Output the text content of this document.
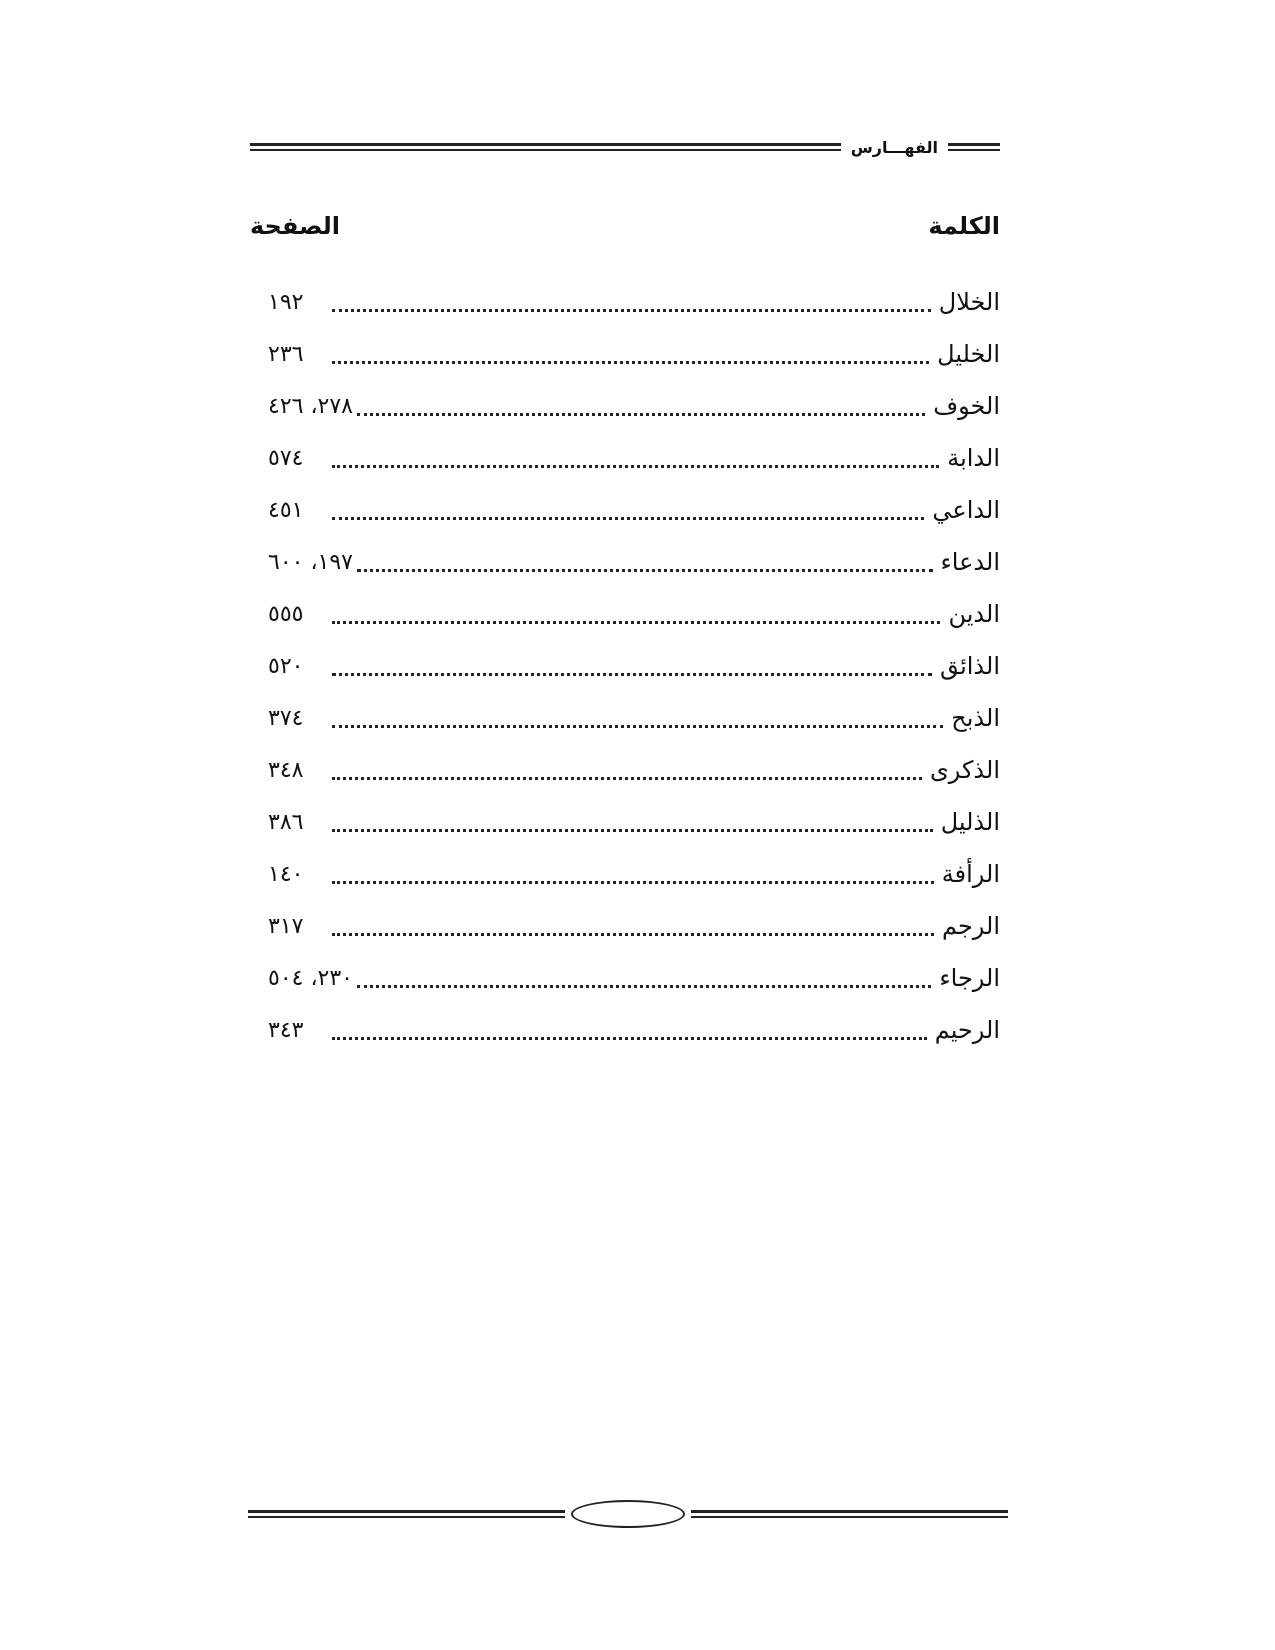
الفهـــارس
الكلمة
الصفحة
الخلال
١٩٢
الخليل
٢٣٦
الخوف
٢٧٨، ٤٢٦
الدابة
٥٧٤
الداعي
٤٥١
الدعاء
١٩٧، ٦٠٠
الدين
٥٥٥
الذائق
٥٢٠
الذبح
٣٧٤
الذكرى
٣٤٨
الذليل
٣٨٦
الرأفة
١٤٠
الرجم
٣١٧
الرجاء
٢٣٠، ٥٠٤
الرحيم
٣٤٣
